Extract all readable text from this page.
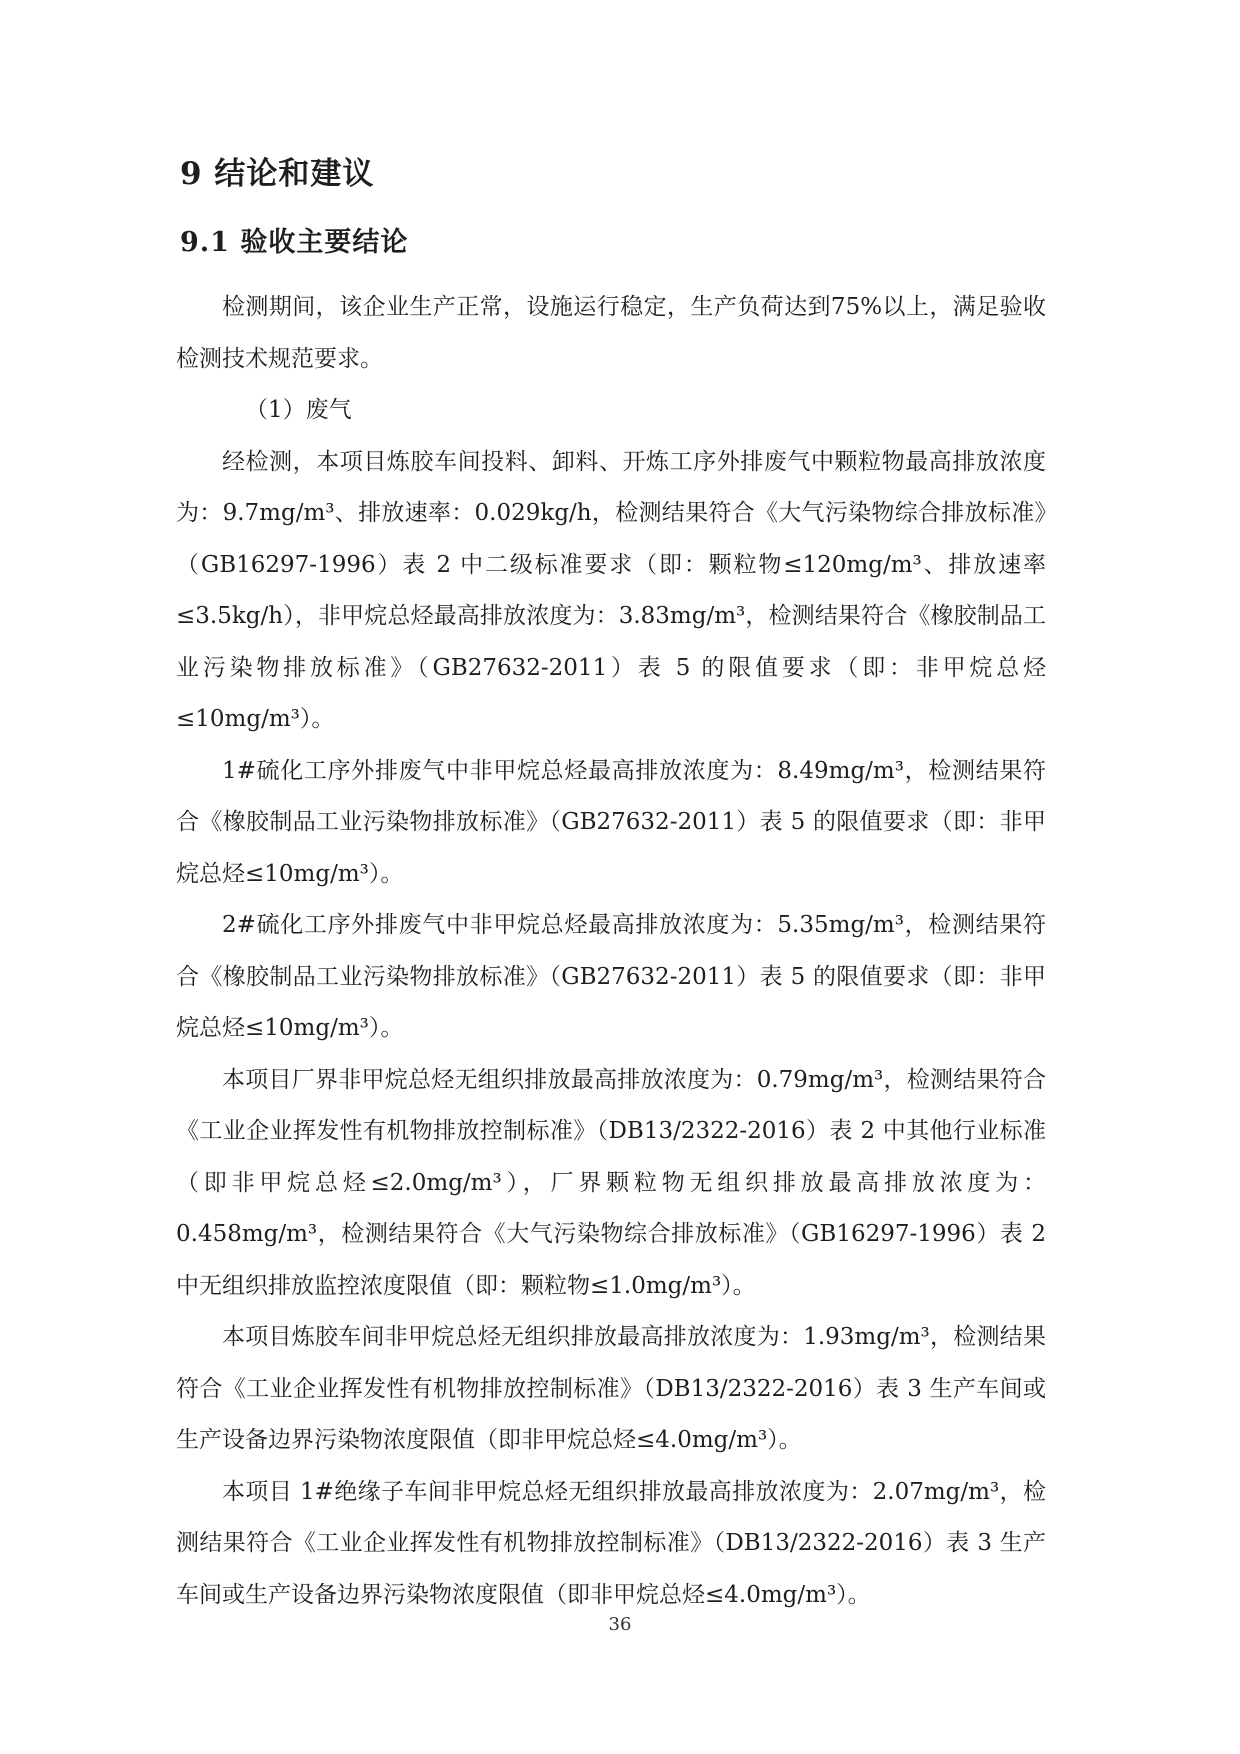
9 结论和建议
9.1 验收主要结论

检测期间，该企业生产正常，设施运行稳定，生产负荷达到75%以上，满足验收检测技术规范要求。

（1）废气

经检测，本项目炼胶车间投料、卸料、开炼工序外排废气中颗粒物最高排放浓度为：9.7mg/m³、排放速率：0.029kg/h，检测结果符合《大气污染物综合排放标准》（GB16297-1996）表 2 中二级标准要求（即：颗粒物≤120mg/m³、排放速率≤3.5kg/h），非甲烷总烃最高排放浓度为：3.83mg/m³，检测结果符合《橡胶制品工业污染物排放标准》（GB27632-2011）表 5 的限值要求（即：非甲烷总烃≤10mg/m³）。

1#硫化工序外排废气中非甲烷总烃最高排放浓度为：8.49mg/m³，检测结果符合《橡胶制品工业污染物排放标准》（GB27632-2011）表 5 的限值要求（即：非甲烷总烃≤10mg/m³）。

2#硫化工序外排废气中非甲烷总烃最高排放浓度为：5.35mg/m³，检测结果符合《橡胶制品工业污染物排放标准》（GB27632-2011）表 5 的限值要求（即：非甲烷总烃≤10mg/m³）。

本项目厂界非甲烷总烃无组织排放最高排放浓度为：0.79mg/m³，检测结果符合《工业企业挥发性有机物排放控制标准》（DB13/2322-2016）表 2 中其他行业标准（即非甲烷总烃≤2.0mg/m³），厂界颗粒物无组织排放最高排放浓度为：0.458mg/m³，检测结果符合《大气污染物综合排放标准》（GB16297-1996）表 2 中无组织排放监控浓度限值（即：颗粒物≤1.0mg/m³）。

本项目炼胶车间非甲烷总烃无组织排放最高排放浓度为：1.93mg/m³，检测结果符合《工业企业挥发性有机物排放控制标准》（DB13/2322-2016）表 3 生产车间或生产设备边界污染物浓度限值（即非甲烷总烃≤4.0mg/m³）。

本项目 1#绝缘子车间非甲烷总烃无组织排放最高排放浓度为：2.07mg/m³，检测结果符合《工业企业挥发性有机物排放控制标准》（DB13/2322-2016）表 3 生产车间或生产设备边界污染物浓度限值（即非甲烷总烃≤4.0mg/m³）。

36
